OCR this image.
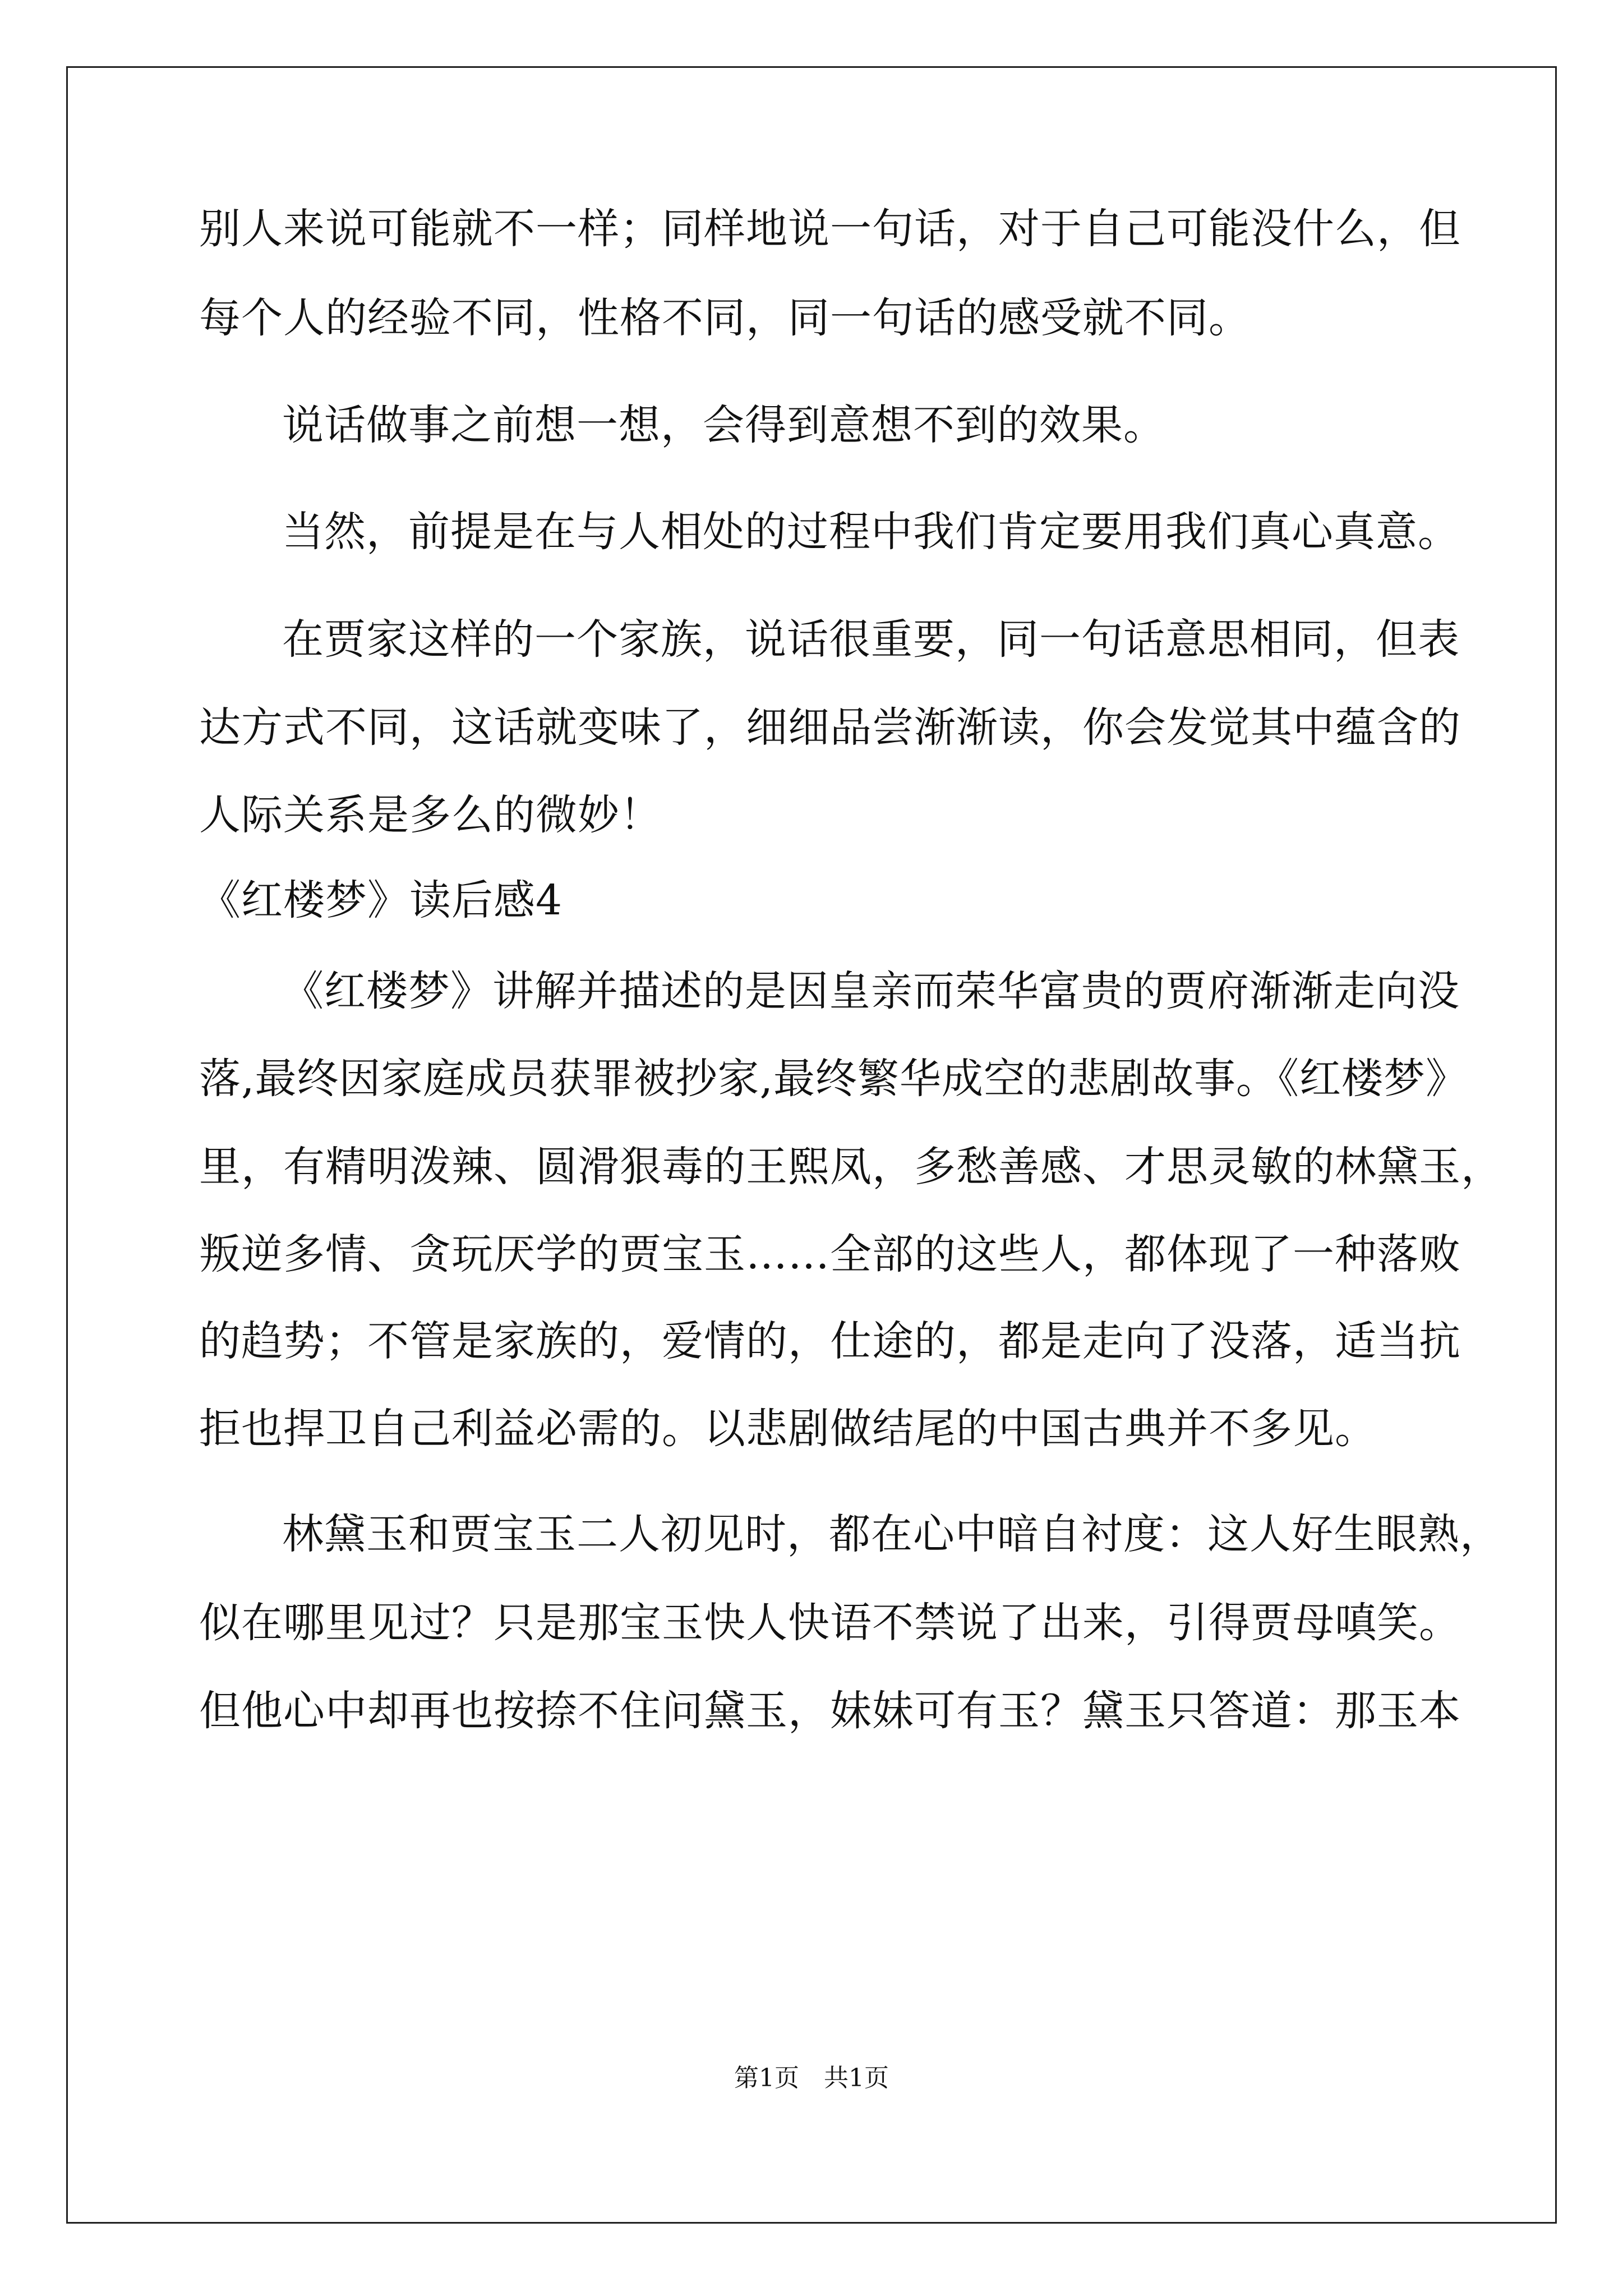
别人来说可能就不一样；同样地说一句话，对于自己可能没什么，但
每个人的经验不同，性格不同，同一句话的感受就不同。
说话做事之前想一想，会得到意想不到的效果。
当然，前提是在与人相处的过程中我们肯定要用我们真心真意。
在贾家这样的一个家族，说话很重要，同一句话意思相同，但表
达方式不同，这话就变味了，细细品尝渐渐读，你会发觉其中蕴含的
人际关系是多么的微妙！
《红楼梦》读后感4
《红楼梦》讲解并描述的是因皇亲而荣华富贵的贾府渐渐走向没
落,最终因家庭成员获罪被抄家,最终繁华成空的悲剧故事。《红楼梦》
里，有精明泼辣、圆滑狠毒的王熙凤，多愁善感、才思灵敏的林黛玉，
叛逆多情、贪玩厌学的贾宝玉……全部的这些人，都体现了一种落败
的趋势；不管是家族的，爱情的，仕途的，都是走向了没落，适当抗
拒也捍卫自己利益必需的。以悲剧做结尾的中国古典并不多见。
林黛玉和贾宝玉二人初见时，都在心中暗自衬度：这人好生眼熟，
似在哪里见过？只是那宝玉快人快语不禁说了出来，引得贾母嗔笑。
但他心中却再也按捺不住问黛玉，妹妹可有玉？黛玉只答道：那玉本
第1页　共1页
